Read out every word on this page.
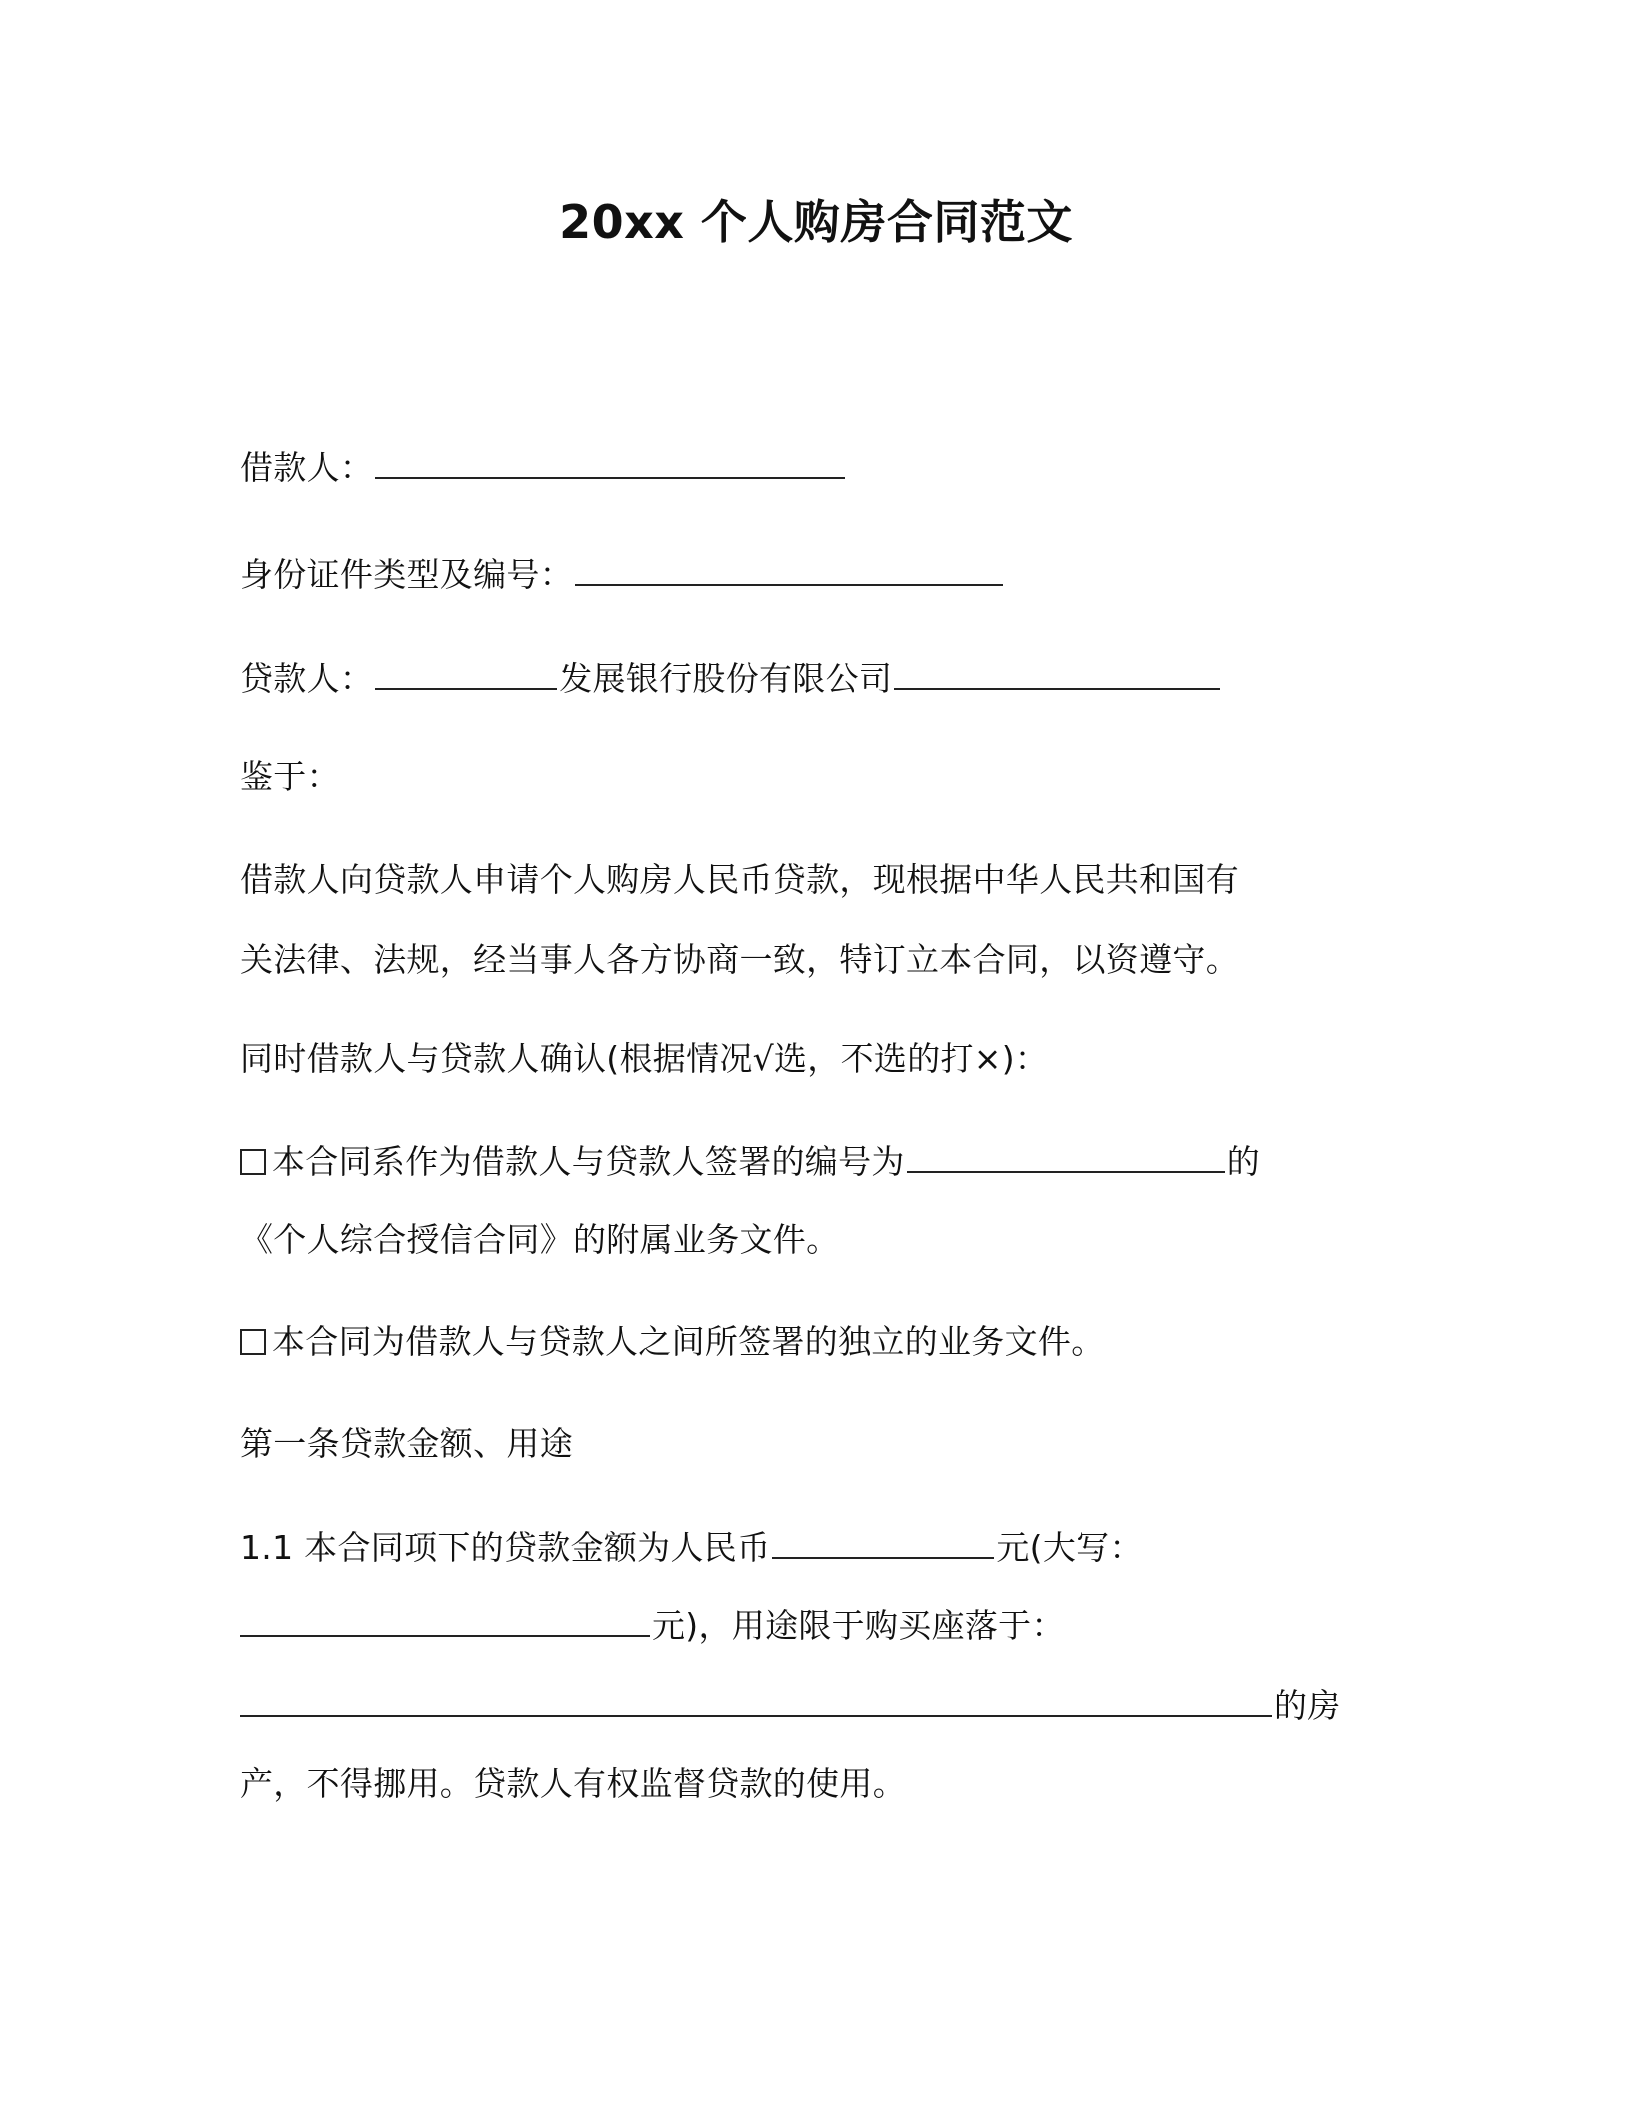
20xx 个人购房合同范文
借款人：
身份证件类型及编号：
贷款人：	发展银行股份有限公司
鉴于：
借款人向贷款人申请个人购房人民币贷款，现根据中华人民共和国有
关法律、法规，经当事人各方协商一致，特订立本合同，以资遵守。
同时借款人与贷款人确认(根据情况√选，不选的打×)：
本合同系作为借款人与贷款人签署的编号为	的
《个人综合授信合同》的附属业务文件。
本合同为借款人与贷款人之间所签署的独立的业务文件。
第一条贷款金额、用途
1.1 本合同项下的贷款金额为人民币	元(大写：
元)，用途限于购买座落于：
的房
产，不得挪用。贷款人有权监督贷款的使用。
